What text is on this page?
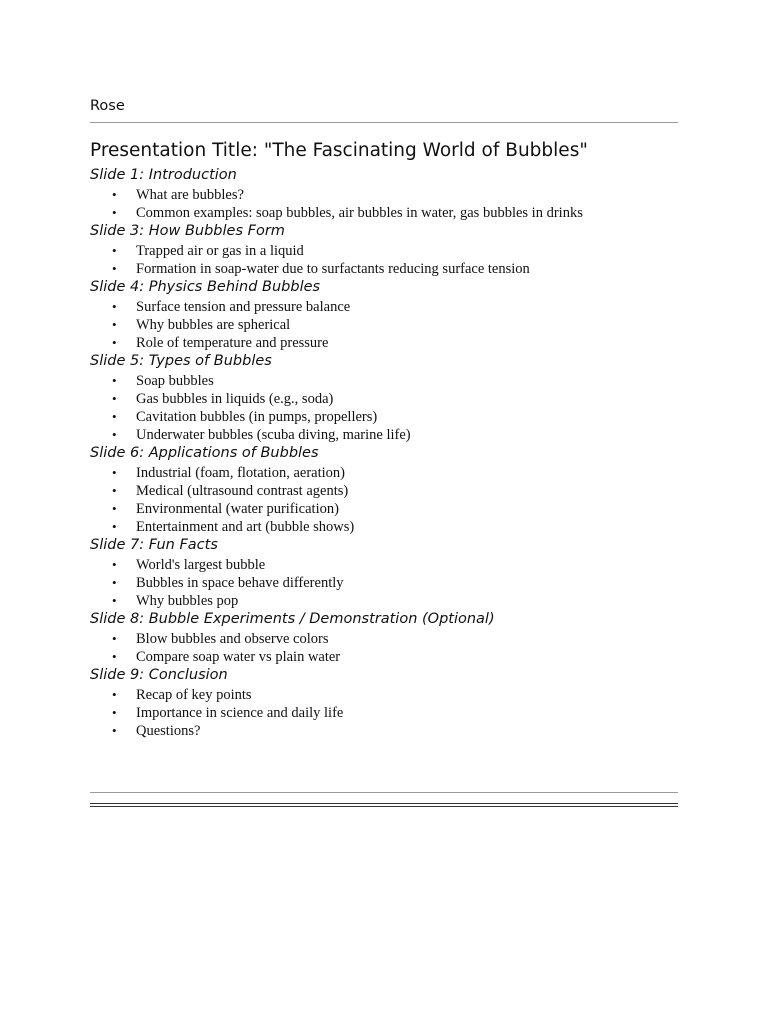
Rose
Presentation Title: "The Fascinating World of Bubbles"
Slide 1: Introduction
• What are bubbles?
• Common examples: soap bubbles, air bubbles in water, gas bubbles in drinks
Slide 3: How Bubbles Form
• Trapped air or gas in a liquid
• Formation in soap-water due to surfactants reducing surface tension
Slide 4: Physics Behind Bubbles
• Surface tension and pressure balance
• Why bubbles are spherical
• Role of temperature and pressure
Slide 5: Types of Bubbles
• Soap bubbles
• Gas bubbles in liquids (e.g., soda)
• Cavitation bubbles (in pumps, propellers)
• Underwater bubbles (scuba diving, marine life)
Slide 6: Applications of Bubbles
• Industrial (foam, flotation, aeration)
• Medical (ultrasound contrast agents)
• Environmental (water purification)
• Entertainment and art (bubble shows)
Slide 7: Fun Facts
• World's largest bubble
• Bubbles in space behave differently
• Why bubbles pop
Slide 8: Bubble Experiments / Demonstration (Optional)
• Blow bubbles and observe colors
• Compare soap water vs plain water
Slide 9: Conclusion
• Recap of key points
• Importance in science and daily life
• Questions?
